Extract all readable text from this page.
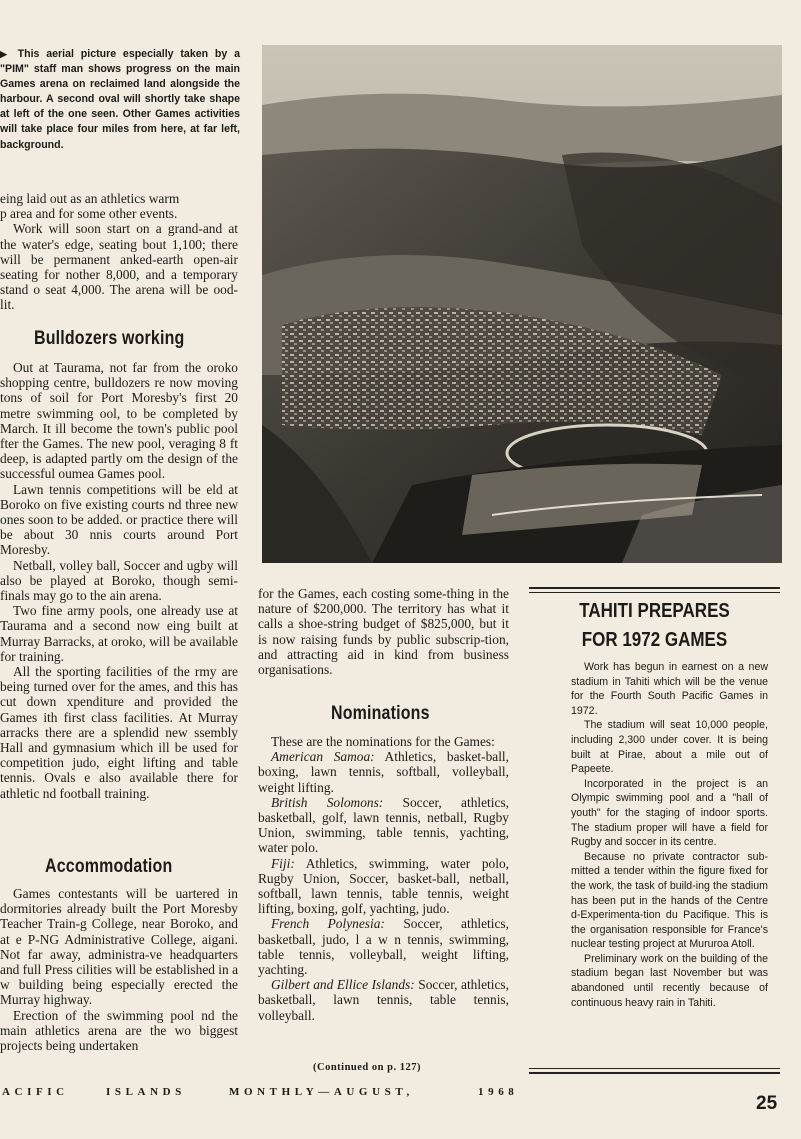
▶ This aerial picture especially taken by a "PIM" staff man shows progress on the main Games arena on reclaimed land alongside the harbour. A second oval will shortly take shape at left of the one seen. Other Games activities will take place four miles from here, at far left, background.

eing laid out as an athletics warm

p area and for some other events.

Work will soon start on a grand-and at the water's edge, seating bout 1,100; there will be permanent anked-earth open-air seating for nother 8,000, and a temporary stand o seat 4,000. The arena will be ood-lit.

Bulldozers working

Out at Taurama, not far from the oroko shopping centre, bulldozers re now moving tons of soil for Port Moresby's first 20 metre swimming ool, to be completed by March. It ill become the town's public pool fter the Games. The new pool, veraging 8 ft deep, is adapted partly om the design of the successful oumea Games pool.

Lawn tennis competitions will be eld at Boroko on five existing courts nd three new ones soon to be added. or practice there will be about 30 nnis courts around Port Moresby.

Netball, volley ball, Soccer and ugby will also be played at Boroko, though semi-finals may go to the ain arena.

Two fine army pools, one already use at Taurama and a second now eing built at Murray Barracks, at oroko, will be available for training.

All the sporting facilities of the rmy are being turned over for the ames, and this has cut down xpenditure and provided the Games ith first class facilities. At Murray arracks there are a splendid new ssembly Hall and gymnasium which ill be used for competition judo, eight lifting and table tennis. Ovals e also available there for athletic nd football training.

Accommodation

Games contestants will be uartered in dormitories already built the Port Moresby Teacher Train-g College, near Boroko, and at e P-NG Administrative College, aigani. Not far away, administra-ve headquarters and full Press cilities will be established in a w building being especially erected the Murray highway.

Erection of the swimming pool nd the main athletics arena are the wo biggest projects being undertaken

for the Games, each costing some-thing in the nature of $200,000. The territory has what it calls a shoe-string budget of $825,000, but it is now raising funds by public subscrip-tion, and attracting aid in kind from business organisations.

Nominations

These are the nominations for the Games:

American Samoa: Athletics, basket-ball, boxing, lawn tennis, softball, volleyball, weight lifting.

British Solomons: Soccer, athletics, basketball, golf, lawn tennis, netball, Rugby Union, swimming, table tennis, yachting, water polo.

Fiji: Athletics, swimming, water polo, Rugby Union, Soccer, basket-ball, netball, softball, lawn tennis, table tennis, weight lifting, boxing, golf, yachting, judo.

French Polynesia: Soccer, athletics, basketball, judo, l a w n tennis, swimming, table tennis, volleyball, weight lifting, yachting.

Gilbert and Ellice Islands: Soccer, athletics, basketball, lawn tennis, table tennis, volleyball.

(Continued on p. 127)
TAHITI PREPARES
FOR 1972 GAMES

Work has begun in earnest on a new stadium in Tahiti which will be the venue for the Fourth South Pacific Games in 1972.

The stadium will seat 10,000 people, including 2,300 under cover. It is being built at Pirae, about a mile out of Papeete.

Incorporated in the project is an Olympic swimming pool and a "hall of youth" for the staging of indoor sports. The stadium proper will have a field for Rugby and soccer in its centre.

Because no private contractor sub-mitted a tender within the figure fixed for the work, the task of build-ing the stadium has been put in the hands of the Centre d-Experimenta-tion du Pacifique. This is the organisation responsible for France's nuclear testing project at Mururoa Atoll.

Preliminary work on the building of the stadium began last November but was abandoned until recently because of continuous heavy rain in Tahiti.

ACIFIC	ISLANDS	MONTHLY—AUGUST,	1968
25
